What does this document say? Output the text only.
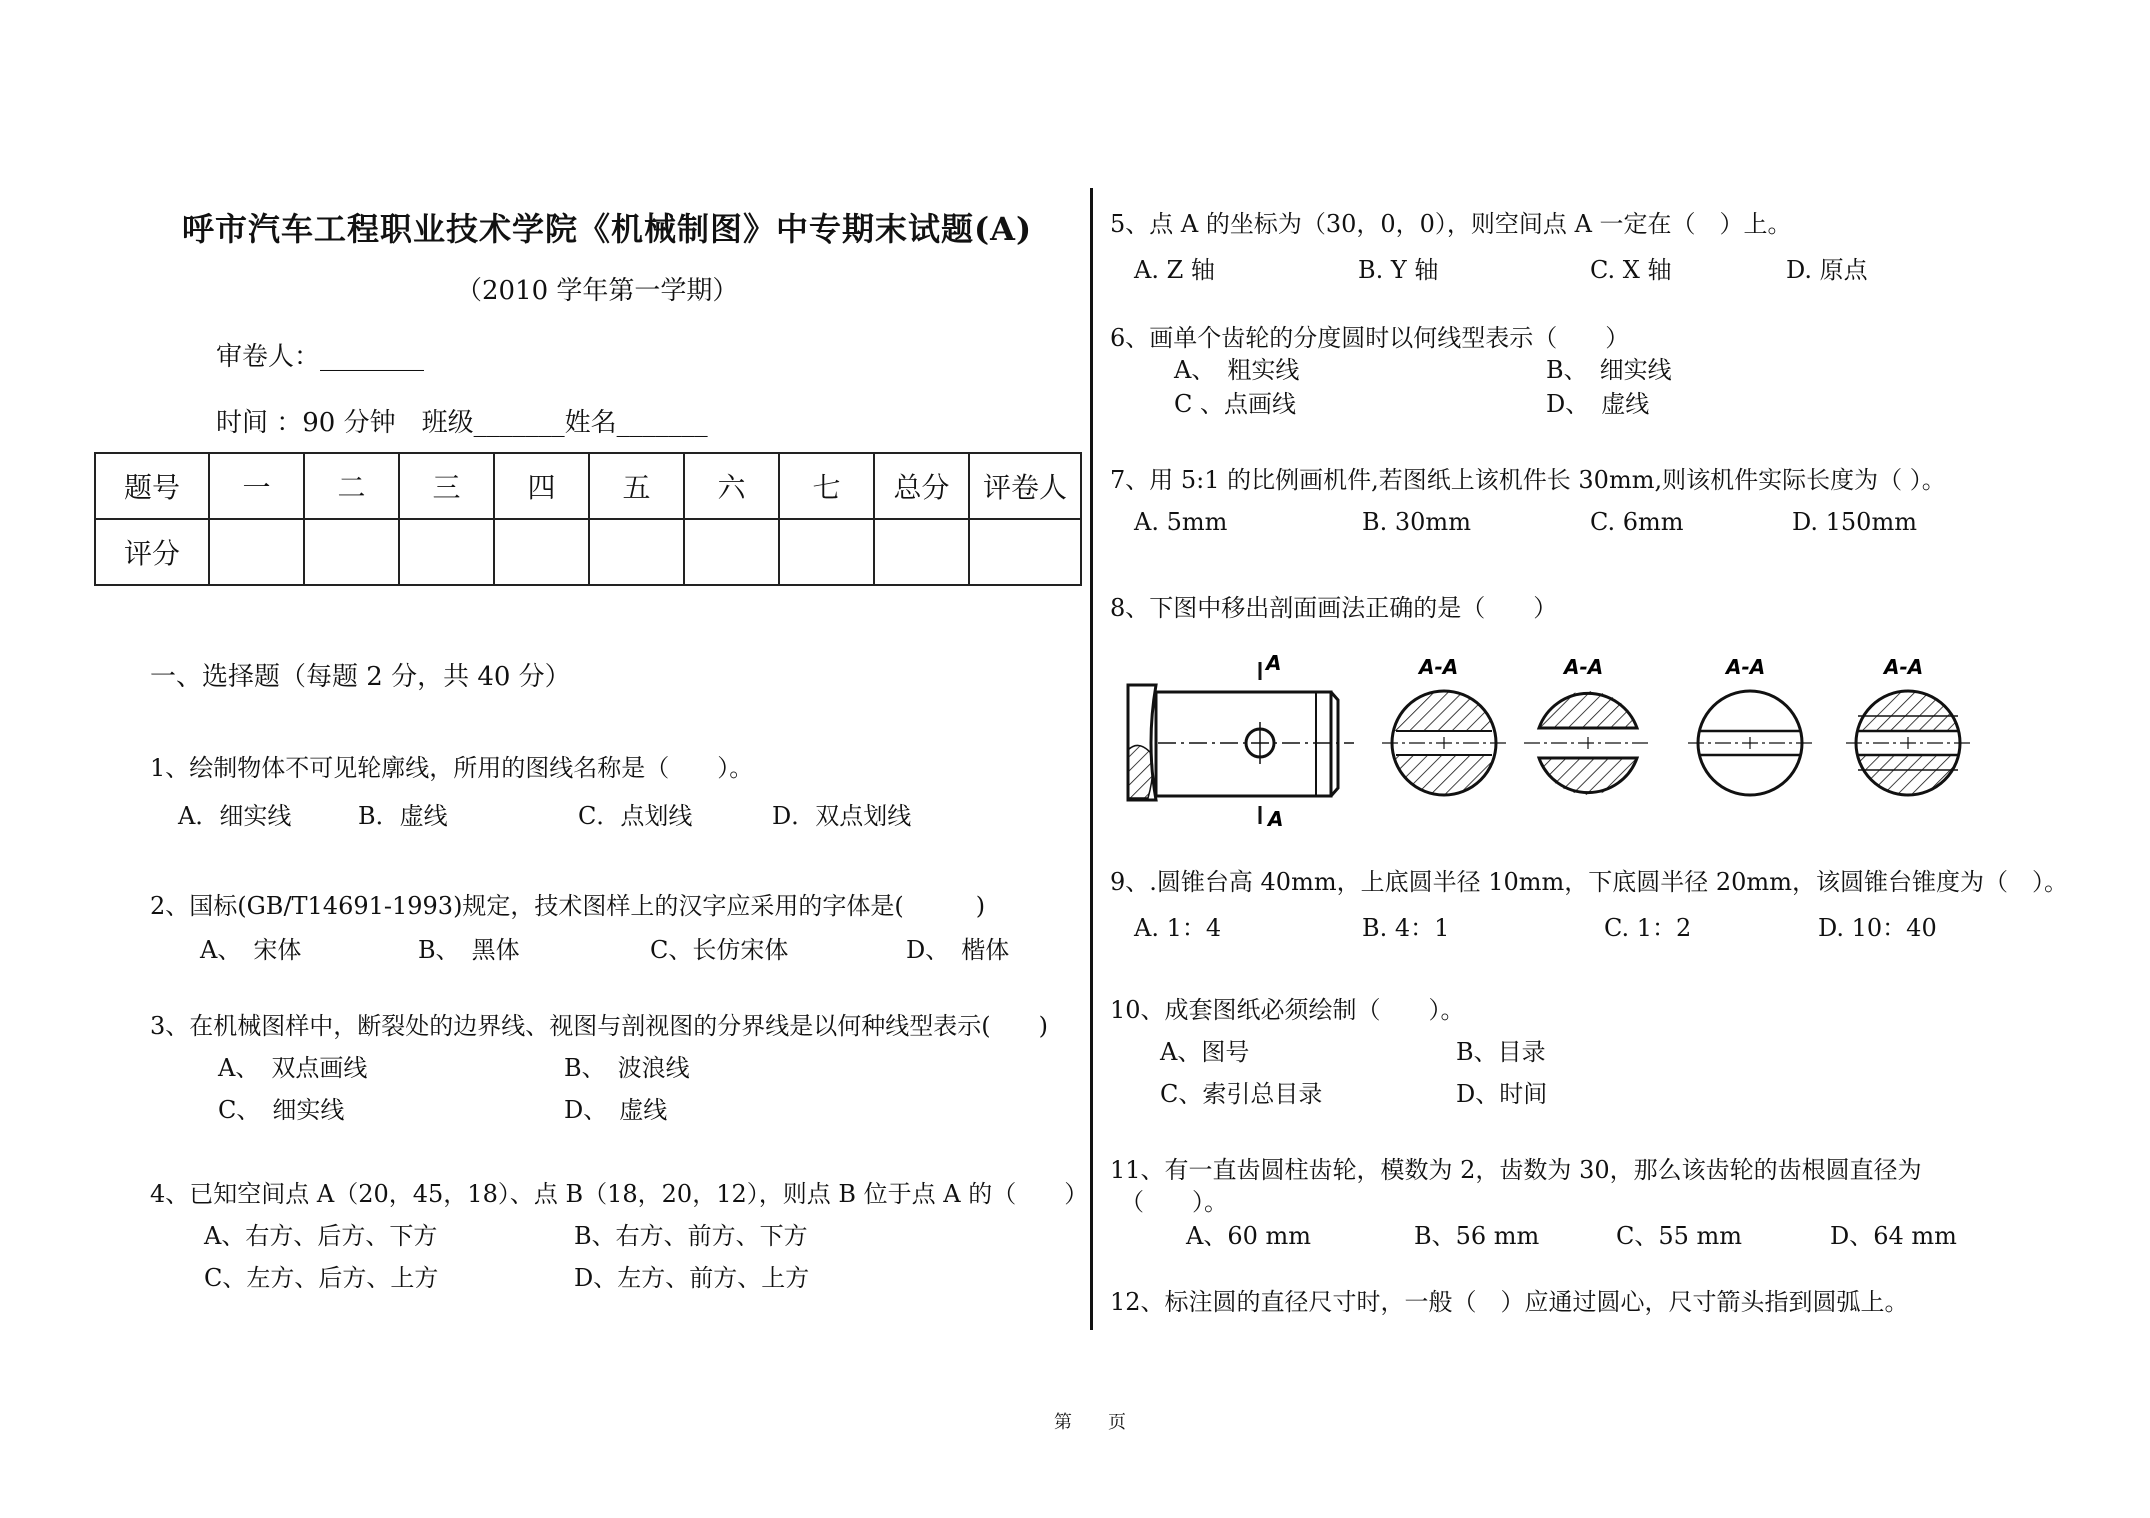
呼市汽车工程职业技术学院《机械制图》中专期末试题(A)
（2010 学年第一学期）
审卷人：________
时间 ：90 分钟　班级_______姓名_______
题号	一	二	三	四	五	六	七	总分	评卷人
评分									
一、选择题（每题 2 分，共 40 分）
1、绘制物体不可见轮廓线，所用的图线名称是（　　）。
A．细实线	B．虚线	C．点划线	D．双点划线
2、国标(GB/T14691-1993)规定，技术图样上的汉字应采用的字体是(　　　)
A、　宋体	B、　黑体	C、长仿宋体	D、　楷体
3、在机械图样中，断裂处的边界线、视图与剖视图的分界线是以何种线型表示(　　)
A、　双点画线	B、　波浪线
C、　细实线	D、　虚线
4、已知空间点 A（20，45，18）、点 B（18，20，12），则点 B 位于点 A 的（　　）
A、右方、后方、下方	B、右方、前方、下方
C、左方、后方、上方	D、左方、前方、上方
5、点 A 的坐标为（30，0，0），则空间点 A 一定在（　）上。
A. Z 轴	B. Y 轴	C. X 轴	D. 原点
6、画单个齿轮的分度圆时以何线型表示（　　）
A、　粗实线	B、　细实线
C 、点画线	D、　虚线
7、用 5:1 的比例画机件,若图纸上该机件长 30mm,则该机件实际长度为（ ）。
A. 5mm	B. 30mm	C. 6mm	D. 150mm
8、下图中移出剖面画法正确的是（　　）
A
A
A-A	A-A	A-A	A-A
9、.圆锥台高 40mm，上底圆半径 10mm，下底圆半径 20mm，该圆锥台锥度为（　）。
A. 1：4	B. 4：1	C. 1：2	D. 10：40
10、成套图纸必须绘制（　　）。
A、图号	B、目录
C、索引总目录	D、时间
11、有一直齿圆柱齿轮，模数为 2，齿数为 30，那么该齿轮的齿根圆直径为
（　　）。
A、60 mm	B、56 mm	C、55 mm	D、64 mm
12、标注圆的直径尺寸时，一般（　）应通过圆心，尺寸箭头指到圆弧上。
第　　页
